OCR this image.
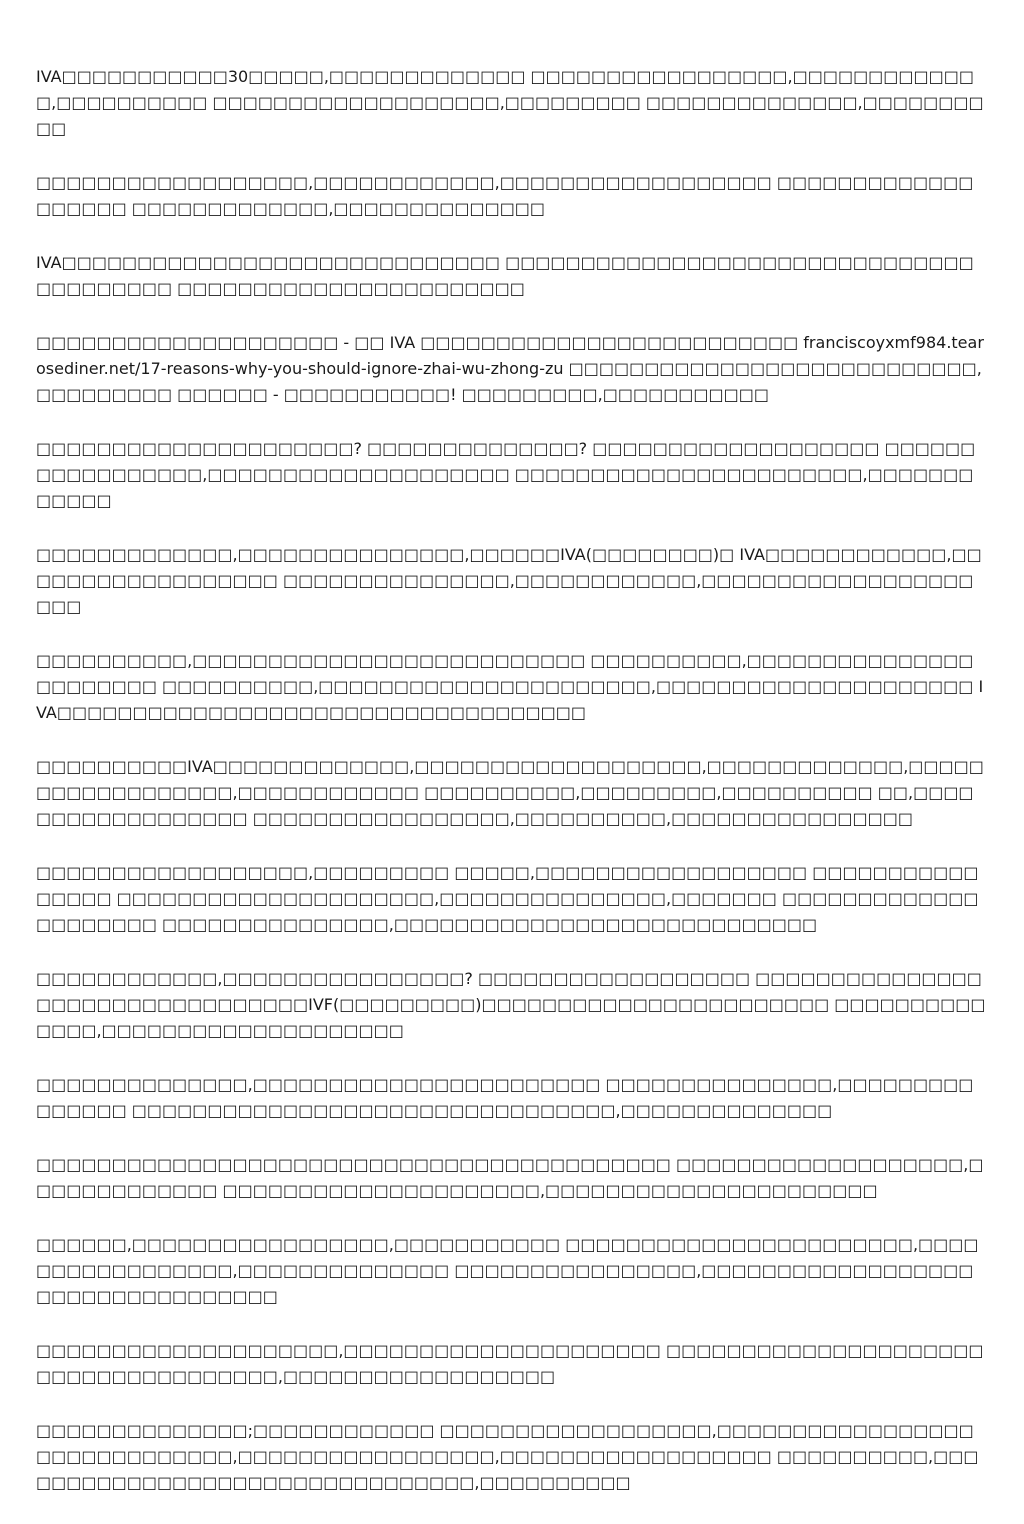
IVA□□□□□□□□□□□30□□□□□,□□□□□□□□□□□□□ □□□□□□□□□□□□□□□□□,□□□□□□□□□□□□□,□□□□□□□□□□ □□□□□□□□□□□□□□□□□□□,□□□□□□□□□ □□□□□□□□□□□□□□,□□□□□□□□□□

□□□□□□□□□□□□□□□□□□,□□□□□□□□□□□□,□□□□□□□□□□□□□□□□□□ □□□□□□□□□□□□□□□□□□□ □□□□□□□□□□□□□,□□□□□□□□□□□□□□

IVA□□□□□□□□□□□□□□□□□□□□□□□□□□□□□ □□□□□□□□□□□□□□□□□□□□□□□□□□□□□□□□□□□□□□□□ □□□□□□□□□□□□□□□□□□□□□□□

□□□□□□□□□□□□□□□□□□□□ - □□ IVA □□□□□□□□□□□□□□□□□□□□□□□□□ franciscoyxmf984.tearosediner.net/17-reasons-why-you-should-ignore-zhai-wu-zhong-zu □□□□□□□□□□□□□□□□□□□□□□□□□□□,□□□□□□□□□ □□□□□□ - □□□□□□□□□□□! □□□□□□□□□,□□□□□□□□□□□

□□□□□□□□□□□□□□□□□□□□□? □□□□□□□□□□□□□□? □□□□□□□□□□□□□□□□□□□ □□□□□□□□□□□□□□□□□,□□□□□□□□□□□□□□□□□□□□ □□□□□□□□□□□□□□□□□□□□□□□,□□□□□□□□□□□□

□□□□□□□□□□□□□,□□□□□□□□□□□□□□□,□□□□□□IVA(□□□□□□□□)□ IVA□□□□□□□□□□□□,□□□□□□□□□□□□□□□□□□ □□□□□□□□□□□□□□□,□□□□□□□□□□□□,□□□□□□□□□□□□□□□□□□□□□

□□□□□□□□□□,□□□□□□□□□□□□□□□□□□□□□□□□□□ □□□□□□□□□□,□□□□□□□□□□□□□□□□□□□□□□□ □□□□□□□□□□,□□□□□□□□□□□□□□□□□□□□□□,□□□□□□□□□□□□□□□□□□□□□ IVA□□□□□□□□□□□□□□□□□□□□□□□□□□□□□□□□□□□

□□□□□□□□□□IVA□□□□□□□□□□□□□,□□□□□□□□□□□□□□□□□□□,□□□□□□□□□□□□□,□□□□□□□□□□□□□□□□□□,□□□□□□□□□□□□ □□□□□□□□□□,□□□□□□□□□,□□□□□□□□□□ □□,□□□□□□□□□□□□□□□□□□ □□□□□□□□□□□□□□□□□,□□□□□□□□□□,□□□□□□□□□□□□□□□□

□□□□□□□□□□□□□□□□□□,□□□□□□□□□ □□□□□,□□□□□□□□□□□□□□□□□□ □□□□□□□□□□□□□□□□ □□□□□□□□□□□□□□□□□□□□□,□□□□□□□□□□□□□□□,□□□□□□□ □□□□□□□□□□□□□□□□□□□□□ □□□□□□□□□□□□□□□,□□□□□□□□□□□□□□□□□□□□□□□□□□□□

□□□□□□□□□□□□,□□□□□□□□□□□□□□□□? □□□□□□□□□□□□□□□□□□ □□□□□□□□□□□□□□□□□□□□□□□□□□□□□□□□□IVF(□□□□□□□□□)□□□□□□□□□□□□□□□□□□□□□□□ □□□□□□□□□□□□□□,□□□□□□□□□□□□□□□□□□□□

□□□□□□□□□□□□□□,□□□□□□□□□□□□□□□□□□□□□□□ □□□□□□□□□□□□□□□,□□□□□□□□□□□□□□□ □□□□□□□□□□□□□□□□□□□□□□□□□□□□□□□□,□□□□□□□□□□□□□□

□□□□□□□□□□□□□□□□□□□□□□□□□□□□□□□□□□□□□□□□□□ □□□□□□□□□□□□□□□□□□□,□□□□□□□□□□□□□ □□□□□□□□□□□□□□□□□□□□□,□□□□□□□□□□□□□□□□□□□□□□

□□□□□□,□□□□□□□□□□□□□□□□□,□□□□□□□□□□□ □□□□□□□□□□□□□□□□□□□□□□□,□□□□□□□□□□□□□□□□□,□□□□□□□□□□□□□□ □□□□□□□□□□□□□□□□,□□□□□□□□□□□□□□□□□□□□□□□□□□□□□□□□□□

□□□□□□□□□□□□□□□□□□□□,□□□□□□□□□□□□□□□□□□□□□ □□□□□□□□□□□□□□□□□□□□□□□□□□□□□□□□□□□□□,□□□□□□□□□□□□□□□□□□

□□□□□□□□□□□□□□;□□□□□□□□□□□□ □□□□□□□□□□□□□□□□□□,□□□□□□□□□□□□□□□□□□□□□□□□□□□□□□,□□□□□□□□□□□□□□□□□,□□□□□□□□□□□□□□□□□□ □□□□□□□□□□,□□□□□□□□□□□□□□□□□□□□□□□□□□□□□□□□,□□□□□□□□□□
